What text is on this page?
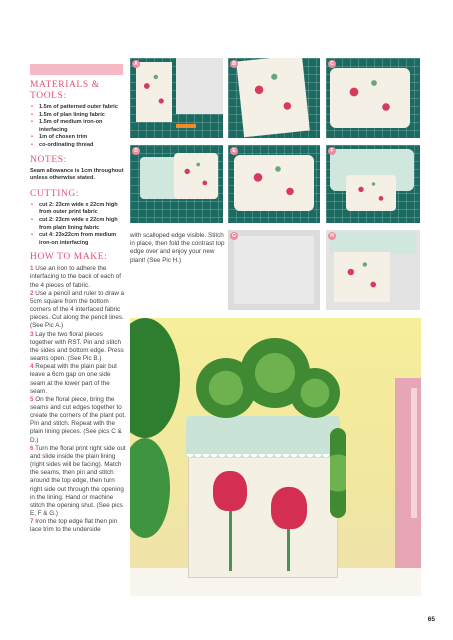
MATERIALS & TOOLS:
• 1.5m of patterned outer fabric
• 1.5m of plan lining fabric
• 1.5m of medium iron-on interfacing
• 1m of chosen trim
• co-ordinating thread
NOTES:
Seam allowance is 1cm throughout unless otherwise stated.
CUTTING:
• cut 2: 23cm wide x 22cm high from outer print fabric
• cut 2: 23cm wide x 22cm high from plain lining fabric
• cut 4: 23x22cm from medium iron-on interfacing
HOW TO MAKE:
1 Use an iron to adhere the interfacing to the back of each of the 4 pieces of fabric.
2 Use a pencil and ruler to draw a 5cm square from the bottom corners of the 4 interfaced fabric pieces. Cut along the pencil lines. (See Pic A.)
3 Lay the two floral pieces together with RST. Pin and stitch the sides and bottom edge. Press seams open. (See Pic B.)
4 Repeat with the plain pair but leave a 6cm gap on one side seam at the lower part of the seam.
5 On the floral piece, bring the seams and cut edges together to create the corners of the plant pot. Pin and stitch. Repeat with the plain lining pieces. (See pics C & D.)
6 Turn the floral print right side out and slide inside the plain lining (right sides will be facing). Match the seams, then pin and stitch around the top edge, then turn right side out through the opening in the lining. Hand or machine stitch the opening shut. (See pics E, F & G.)
7 Iron the top edge flat then pin lace trim to the underside
A	B	C
D	E	F
with scalloped edge visible. Stitch in place, then fold the contrast top edge over and enjoy your new plant! (See Pic H.)
G	H
65
